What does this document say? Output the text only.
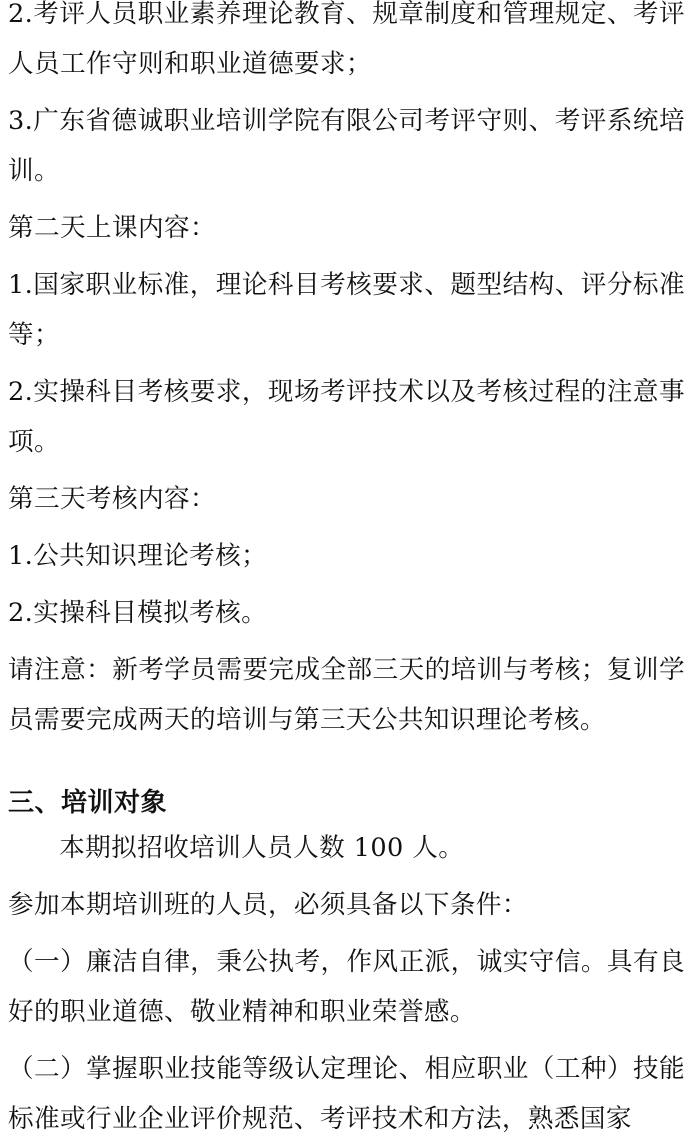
2.考评人员职业素养理论教育、规章制度和管理规定、考评人员工作守则和职业道德要求；

3.广东省德诚职业培训学院有限公司考评守则、考评系统培训。

第二天上课内容：

1.国家职业标准，理论科目考核要求、题型结构、评分标准等；

2.实操科目考核要求，现场考评技术以及考核过程的注意事项。

第三天考核内容：

1.公共知识理论考核；

2.实操科目模拟考核。

请注意：新考学员需要完成全部三天的培训与考核；复训学员需要完成两天的培训与第三天公共知识理论考核。

三、培训对象

本期拟招收培训人员人数 100 人。

参加本期培训班的人员，必须具备以下条件：

（一）廉洁自律，秉公执考，作风正派，诚实守信。具有良好的职业道德、敬业精神和职业荣誉感。

（二）掌握职业技能等级认定理论、相应职业（工种）技能标准或行业企业评价规范、考评技术和方法，熟悉国家
